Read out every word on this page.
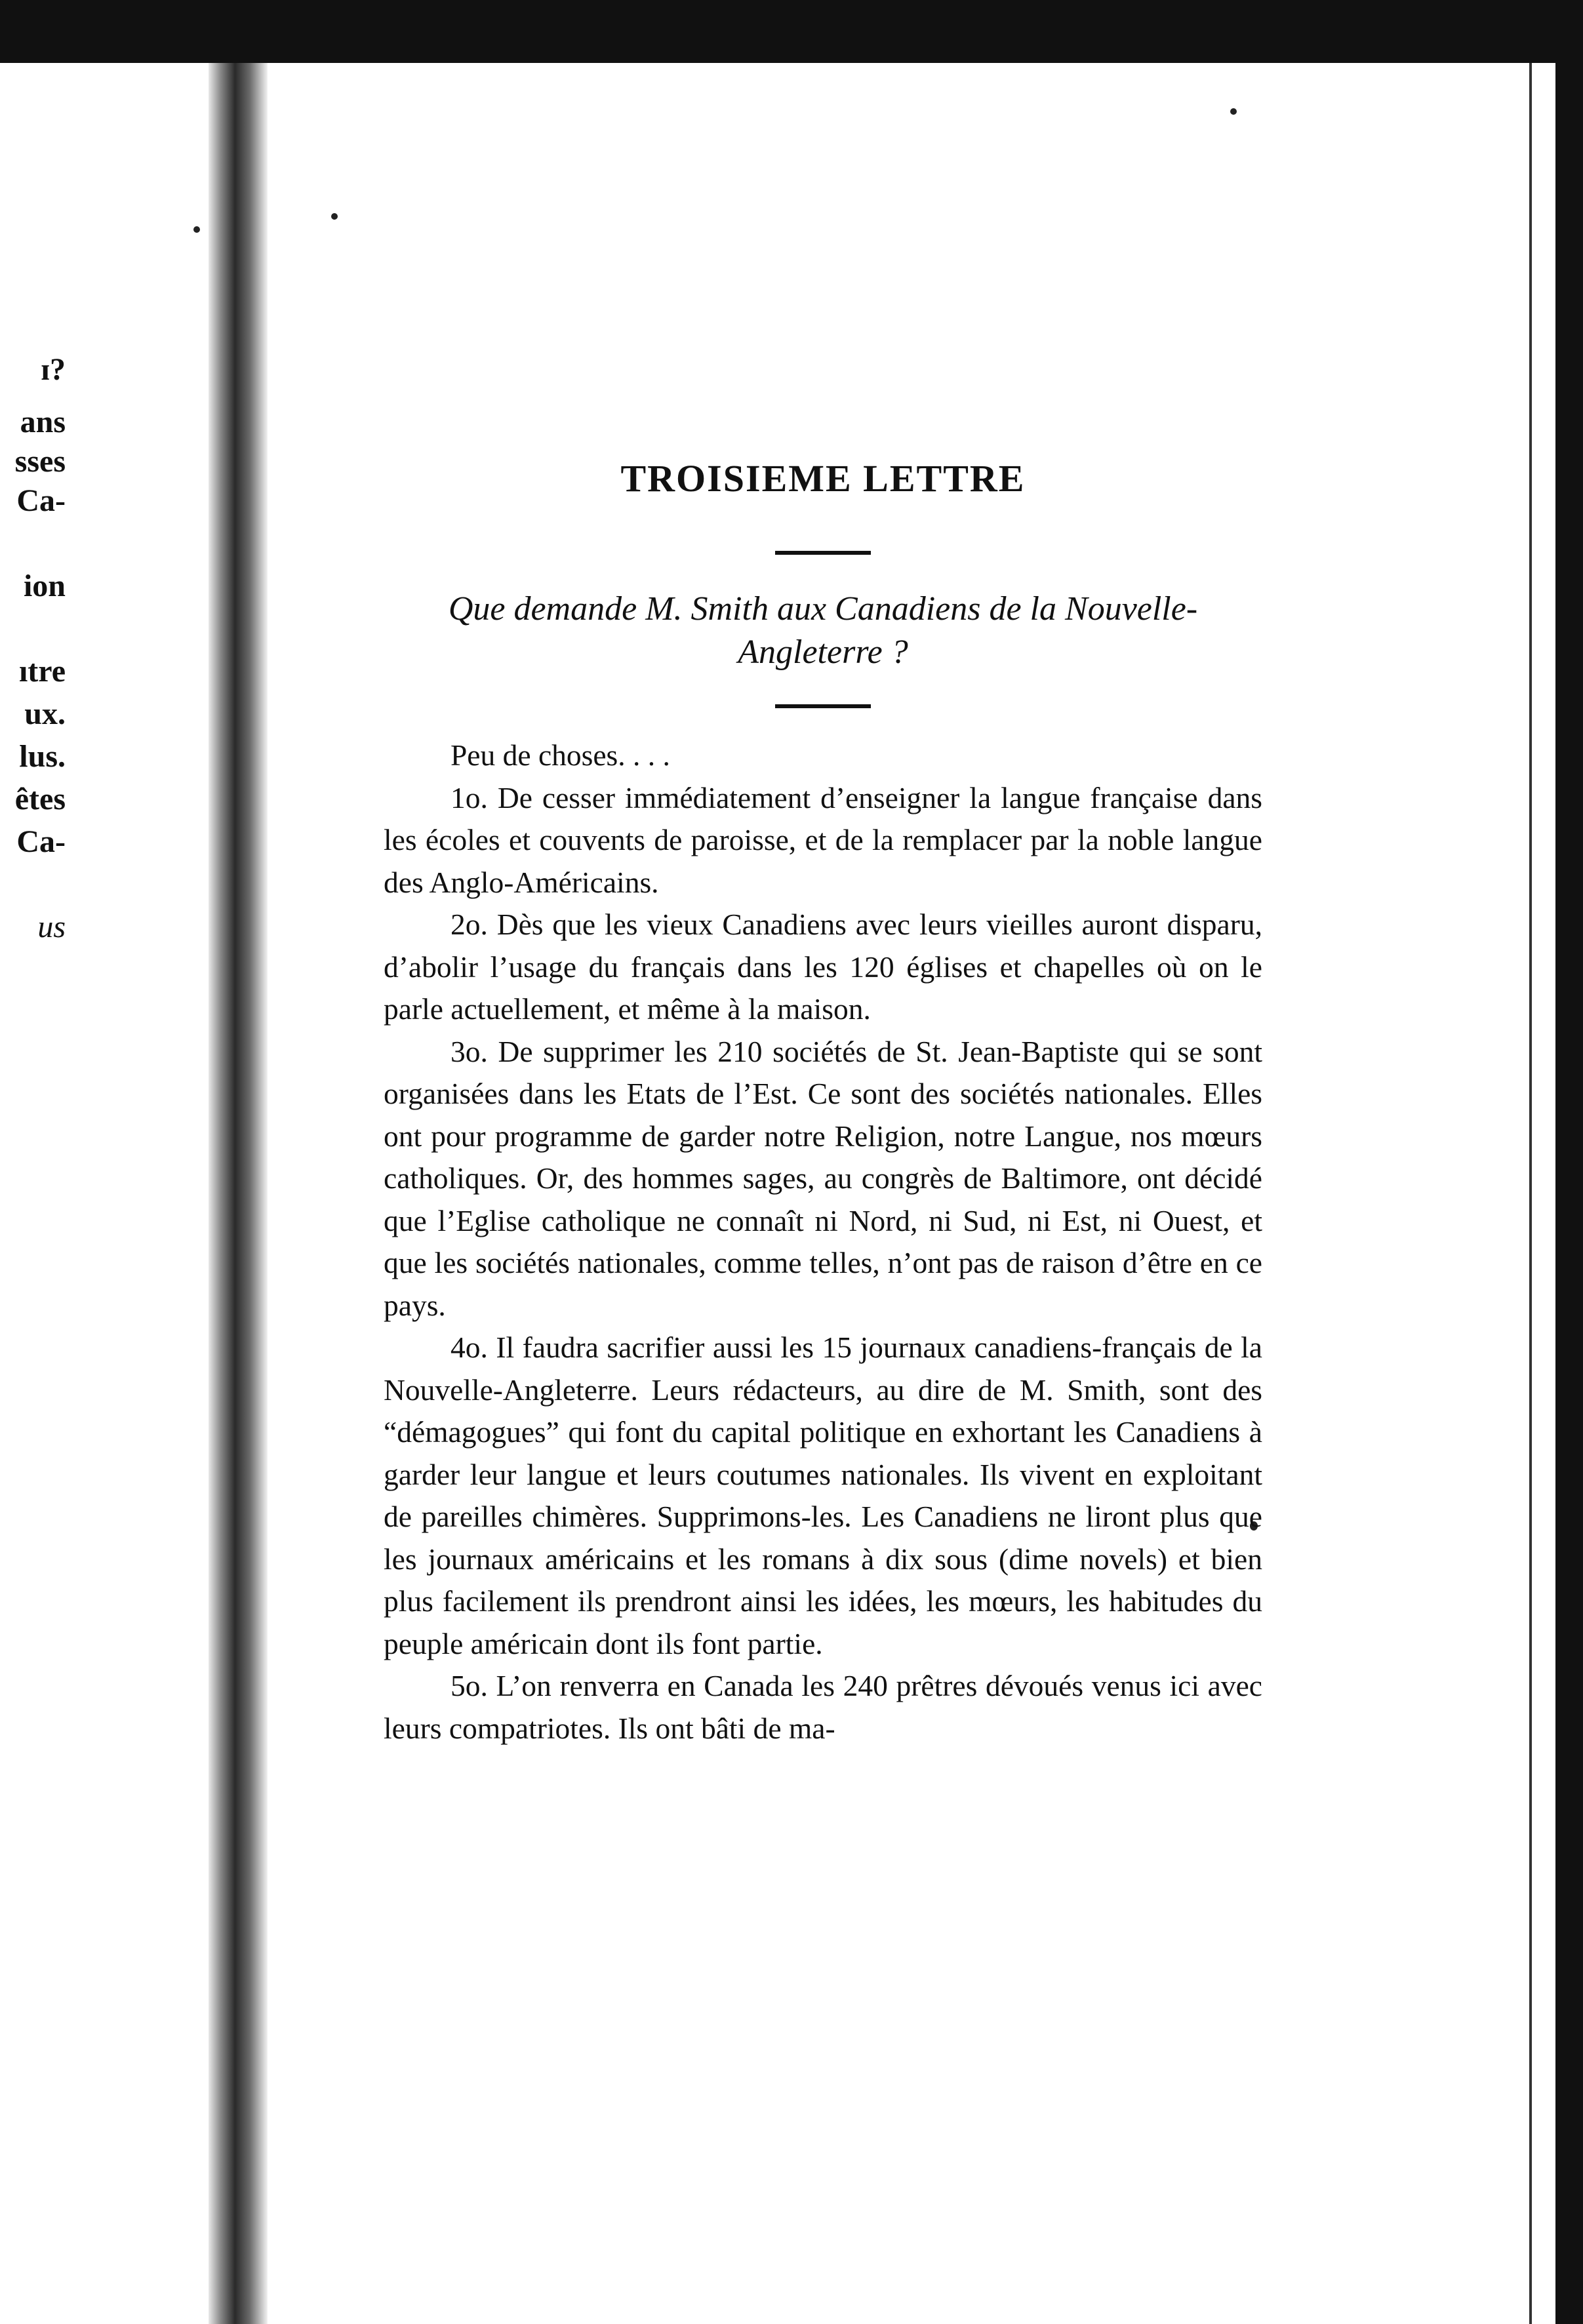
ɪ?
ans
sses
Ca-
ion
ıtre
ux.
lus.
êtes
Ca-
us
TROISIEME LETTRE
Que demande M. Smith aux Canadiens de la Nouvelle-
Angleterre ?

Peu de choses. . . .

1o. De cesser immédiatement d’enseigner la langue française dans les écoles et couvents de paroisse, et de la remplacer par la noble langue des Anglo-Américains.

2o. Dès que les vieux Canadiens avec leurs vieilles auront disparu, d’abolir l’usage du français dans les 120 églises et chapelles où on le parle actuellement, et même à la maison.

3o. De supprimer les 210 sociétés de St. Jean-Baptiste qui se sont organisées dans les Etats de l’Est. Ce sont des sociétés nationales. Elles ont pour programme de garder notre Religion, notre Langue, nos mœurs catholiques. Or, des hommes sages, au congrès de Baltimore, ont décidé que l’Eglise catholique ne connaît ni Nord, ni Sud, ni Est, ni Ouest, et que les sociétés nationales, comme telles, n’ont pas de raison d’être en ce pays.

4o. Il faudra sacrifier aussi les 15 journaux canadiens-français de la Nouvelle-Angleterre. Leurs rédacteurs, au dire de M. Smith, sont des “démagogues” qui font du capital politique en exhortant les Canadiens à garder leur langue et leurs coutumes nationales. Ils vivent en exploitant de pareilles chimères. Supprimons-les. Les Canadiens ne liront plus que les journaux américains et les romans à dix sous (dime novels) et bien plus facilement ils prendront ainsi les idées, les mœurs, les habitudes du peuple américain dont ils font partie.

5o. L’on renverra en Canada les 240 prêtres dévoués venus ici avec leurs compatriotes. Ils ont bâti de ma-
